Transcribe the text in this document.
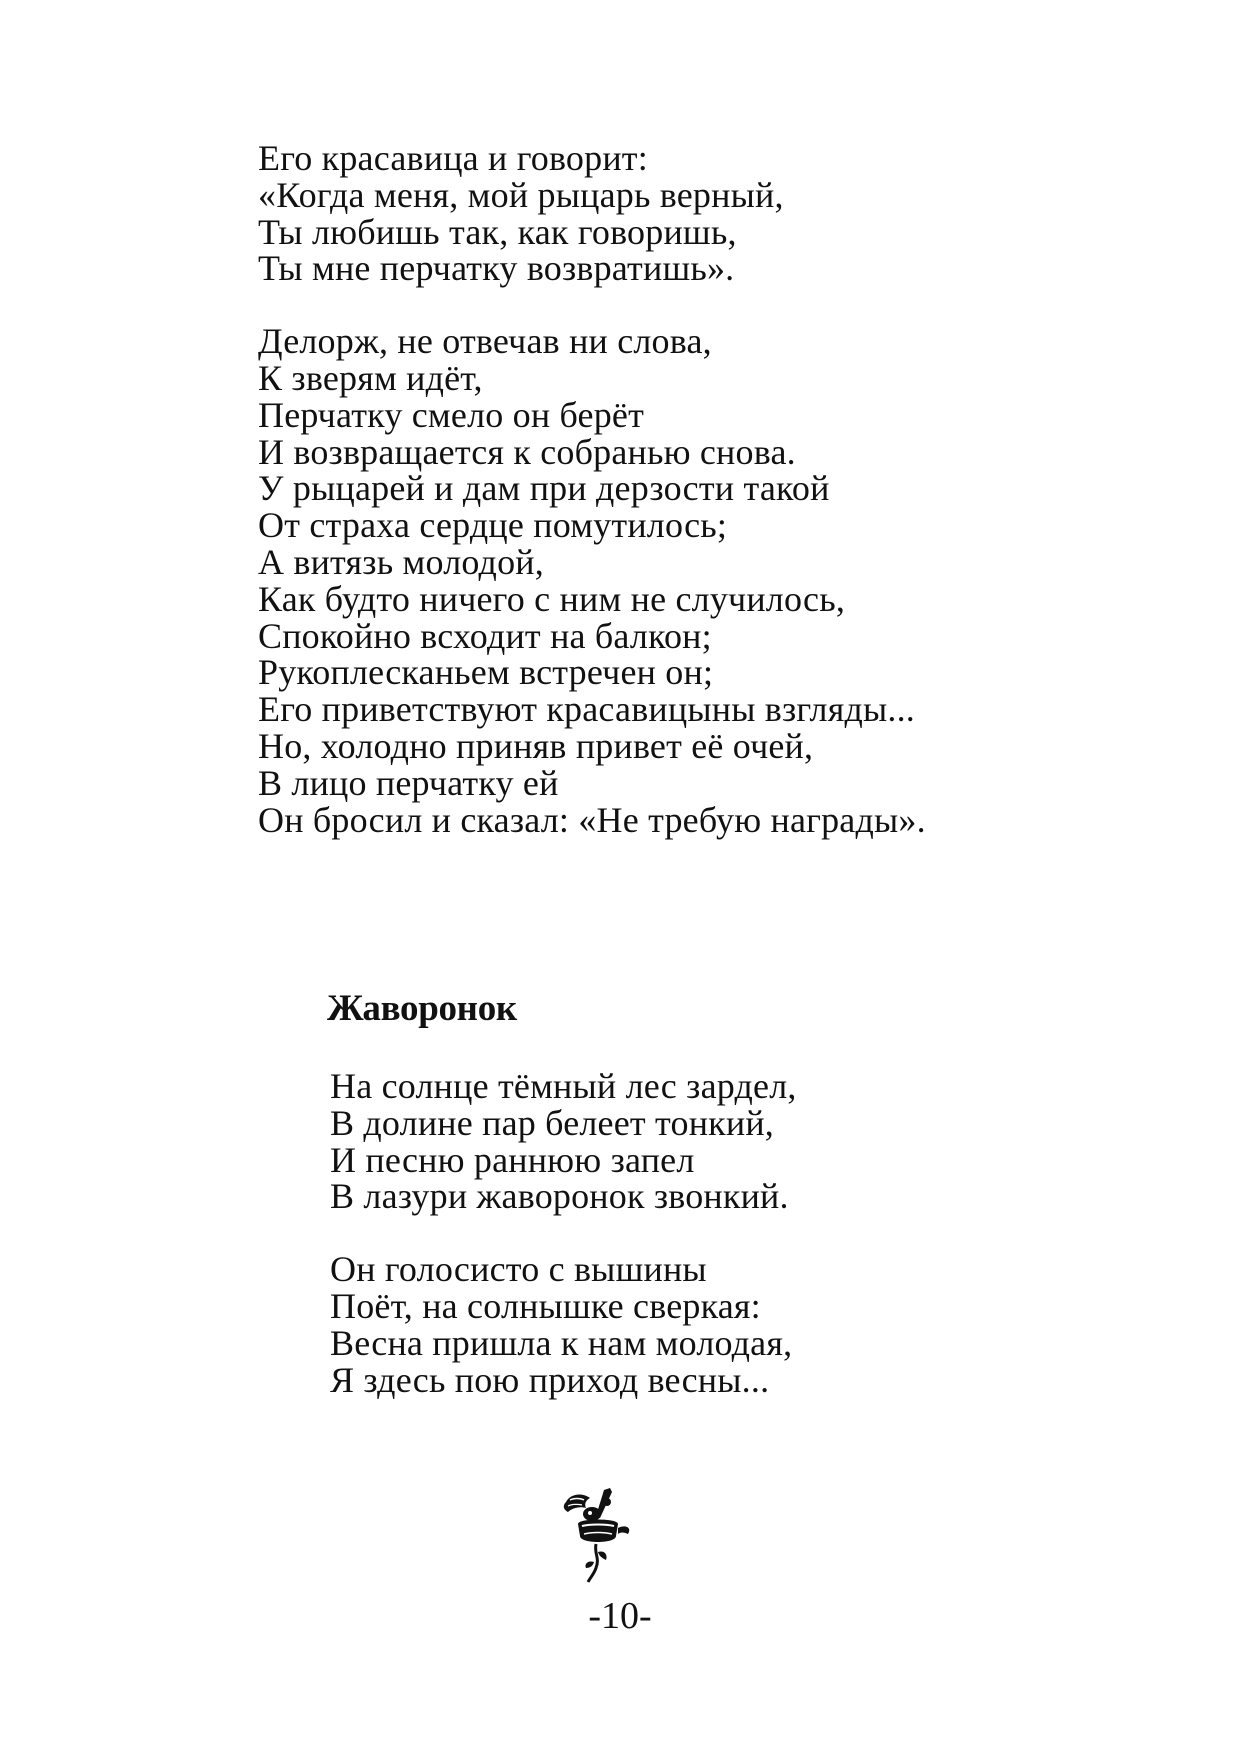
Его красавица и говорит:
«Когда меня, мой рыцарь верный,
Ты любишь так, как говоришь,
Ты мне перчатку возвратишь».
Делорж, не отвечав ни слова,
К зверям идёт,
Перчатку смело он берёт
И возвращается к собранью снова.
У рыцарей и дам при дерзости такой
От страха сердце помутилось;
А витязь молодой,
Как будто ничего с ним не случилось,
Спокойно всходит на балкон;
Рукоплесканьем встречен он;
Его приветствуют красавицыны взгляды...
Но, холодно приняв привет её очей,
В лицо перчатку ей
Он бросил и сказал: «Не требую награды».
Жаворонок
На солнце тёмный лес зардел,
В долине пар белеет тонкий,
И песню раннюю запел
В лазури жаворонок звонкий.
Он голосисто с вышины
Поёт, на солнышке сверкая:
Весна пришла к нам молодая,
Я здесь пою приход весны...
-10-
